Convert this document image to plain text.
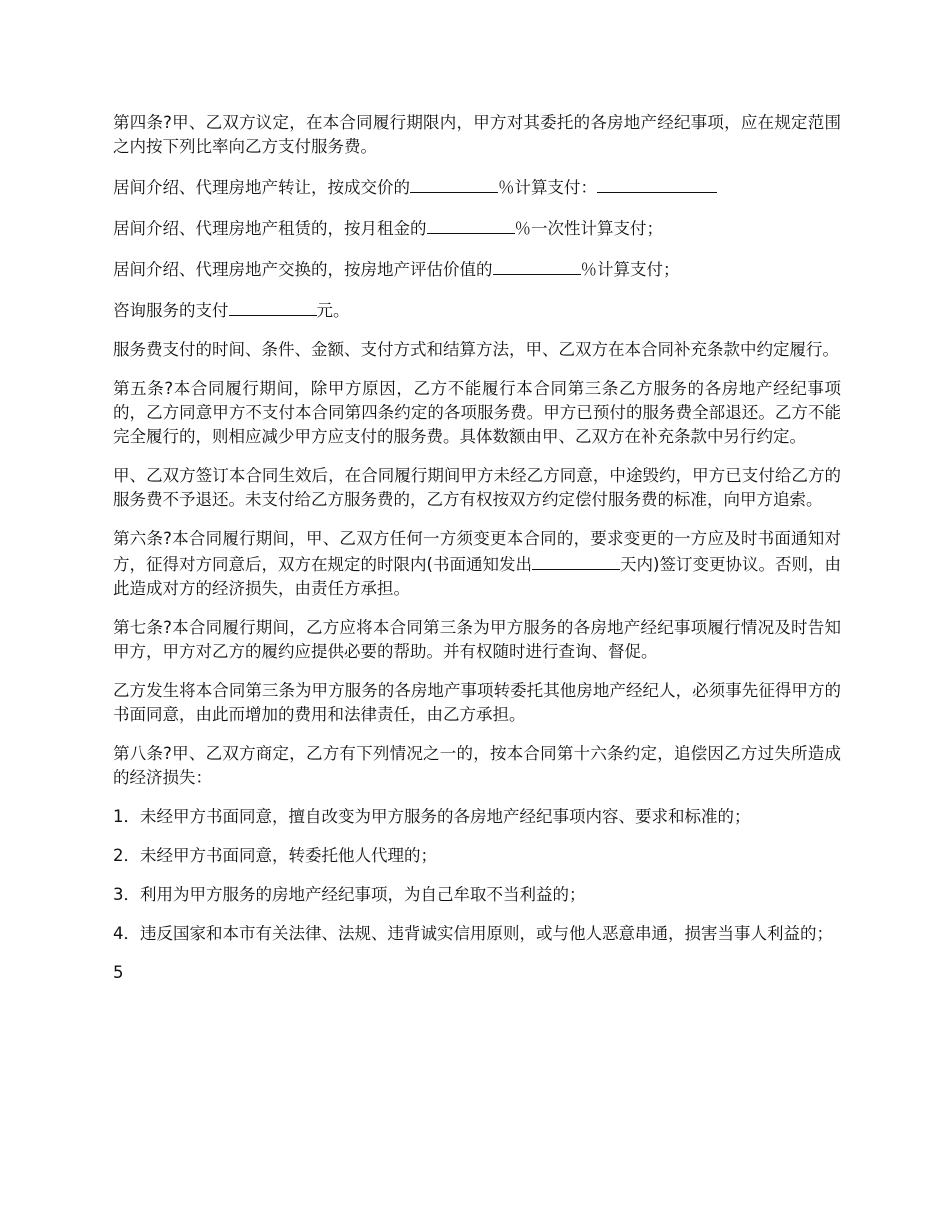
第四条?甲、乙双方议定，在本合同履行期限内，甲方对其委托的各房地产经纪事项，应在规定范围之内按下列比率向乙方支付服务费。

居间介绍、代理房地产转让，按成交价的	％计算支付：

居间介绍、代理房地产租赁的，按月租金的	％一次性计算支付；

居间介绍、代理房地产交换的，按房地产评估价值的	％计算支付；

咨询服务的支付	元。

服务费支付的时间、条件、金额、支付方式和结算方法，甲、乙双方在本合同补充条款中约定履行。

第五条?本合同履行期间，除甲方原因，乙方不能履行本合同第三条乙方服务的各房地产经纪事项的，乙方同意甲方不支付本合同第四条约定的各项服务费。甲方已预付的服务费全部退还。乙方不能完全履行的，则相应减少甲方应支付的服务费。具体数额由甲、乙双方在补充条款中另行约定。

甲、乙双方签订本合同生效后，在合同履行期间甲方未经乙方同意，中途毁约，甲方已支付给乙方的服务费不予退还。未支付给乙方服务费的，乙方有权按双方约定偿付服务费的标准，向甲方追索。

第六条?本合同履行期间，甲、乙双方任何一方须变更本合同的，要求变更的一方应及时书面通知对方，征得对方同意后，双方在规定的时限内(书面通知发出	天内)签订变更协议。否则，由此造成对方的经济损失，由责任方承担。

第七条?本合同履行期间，乙方应将本合同第三条为甲方服务的各房地产经纪事项履行情况及时告知甲方，甲方对乙方的履约应提供必要的帮助。并有权随时进行查询、督促。

乙方发生将本合同第三条为甲方服务的各房地产事项转委托其他房地产经纪人，必须事先征得甲方的书面同意，由此而增加的费用和法律责任，由乙方承担。

第八条?甲、乙双方商定，乙方有下列情况之一的，按本合同第十六条约定，追偿因乙方过失所造成的经济损失：

1．未经甲方书面同意，擅自改变为甲方服务的各房地产经纪事项内容、要求和标准的；

2．未经甲方书面同意，转委托他人代理的；

3．利用为甲方服务的房地产经纪事项，为自己牟取不当利益的；

4．违反国家和本市有关法律、法规、违背诚实信用原则，或与他人恶意串通，损害当事人利益的；

5
